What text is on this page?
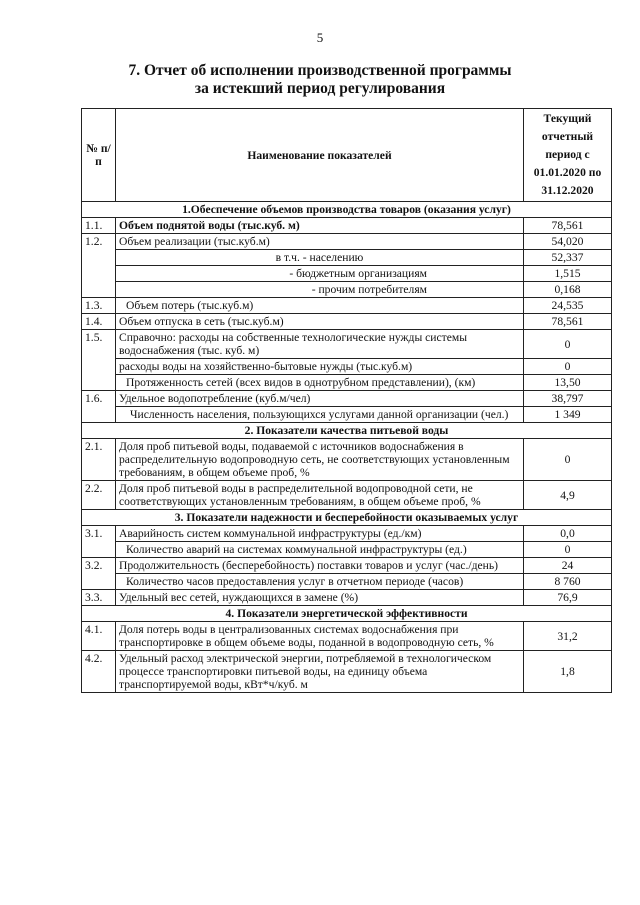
5
7. Отчет об исполнении производственной программы
за истекший период регулирования
№ п/п	Наименование показателей	Текущий отчетный период с 01.01.2020 по 31.12.2020
1.Обеспечение объемов производства товаров (оказания услуг)		
1.1.	Объем поднятой воды (тыс.куб. м)	78,561
1.2.	Объем реализации (тыс.куб.м)	54,020
	в т.ч. - населению	52,337
	- бюджетным организациям	1,515
	- прочим потребителям	0,168
1.3.	Объем потерь (тыс.куб.м)	24,535
1.4.	Объем отпуска в сеть (тыс.куб.м)	78,561
1.5.	Справочно: расходы на собственные технологические нужды системы водоснабжения (тыс. куб. м)	0
	расходы воды на хозяйственно-бытовые нужды (тыс.куб.м)	0
	Протяженность сетей (всех видов в однотрубном представлении), (км)	13,50
1.6.	Удельное водопотребление (куб.м/чел)	38,797
	Численность населения, пользующихся услугами данной организации (чел.)	1 349
2. Показатели качества питьевой воды		
2.1.	Доля проб питьевой воды, подаваемой с источников водоснабжения в распределительную водопроводную сеть, не соответствующих установленным требованиям, в общем объеме проб, %	0
2.2.	Доля проб питьевой воды в распределительной водопроводной сети, не соответствующих установленным требованиям, в общем объеме проб, %	4,9
3. Показатели надежности и бесперебойности оказываемых услуг		
3.1.	Аварийность систем коммунальной инфраструктуры (ед./км)	0,0
	Количество аварий на системах коммунальной инфраструктуры (ед.)	0
3.2.	Продолжительность (бесперебойность) поставки товаров и услуг (час./день)	24
	Количество часов предоставления услуг в отчетном периоде (часов)	8 760
3.3.	Удельный вес сетей, нуждающихся в замене (%)	76,9
4. Показатели энергетической эффективности		
4.1.	Доля потерь воды в централизованных системах водоснабжения при транспортировке в общем объеме воды, поданной в водопроводную сеть, %	31,2
4.2.	Удельный расход электрической энергии, потребляемой в технологическом процессе транспортировки питьевой воды, на единицу объема транспортируемой воды, кВт*ч/куб. м	1,8
